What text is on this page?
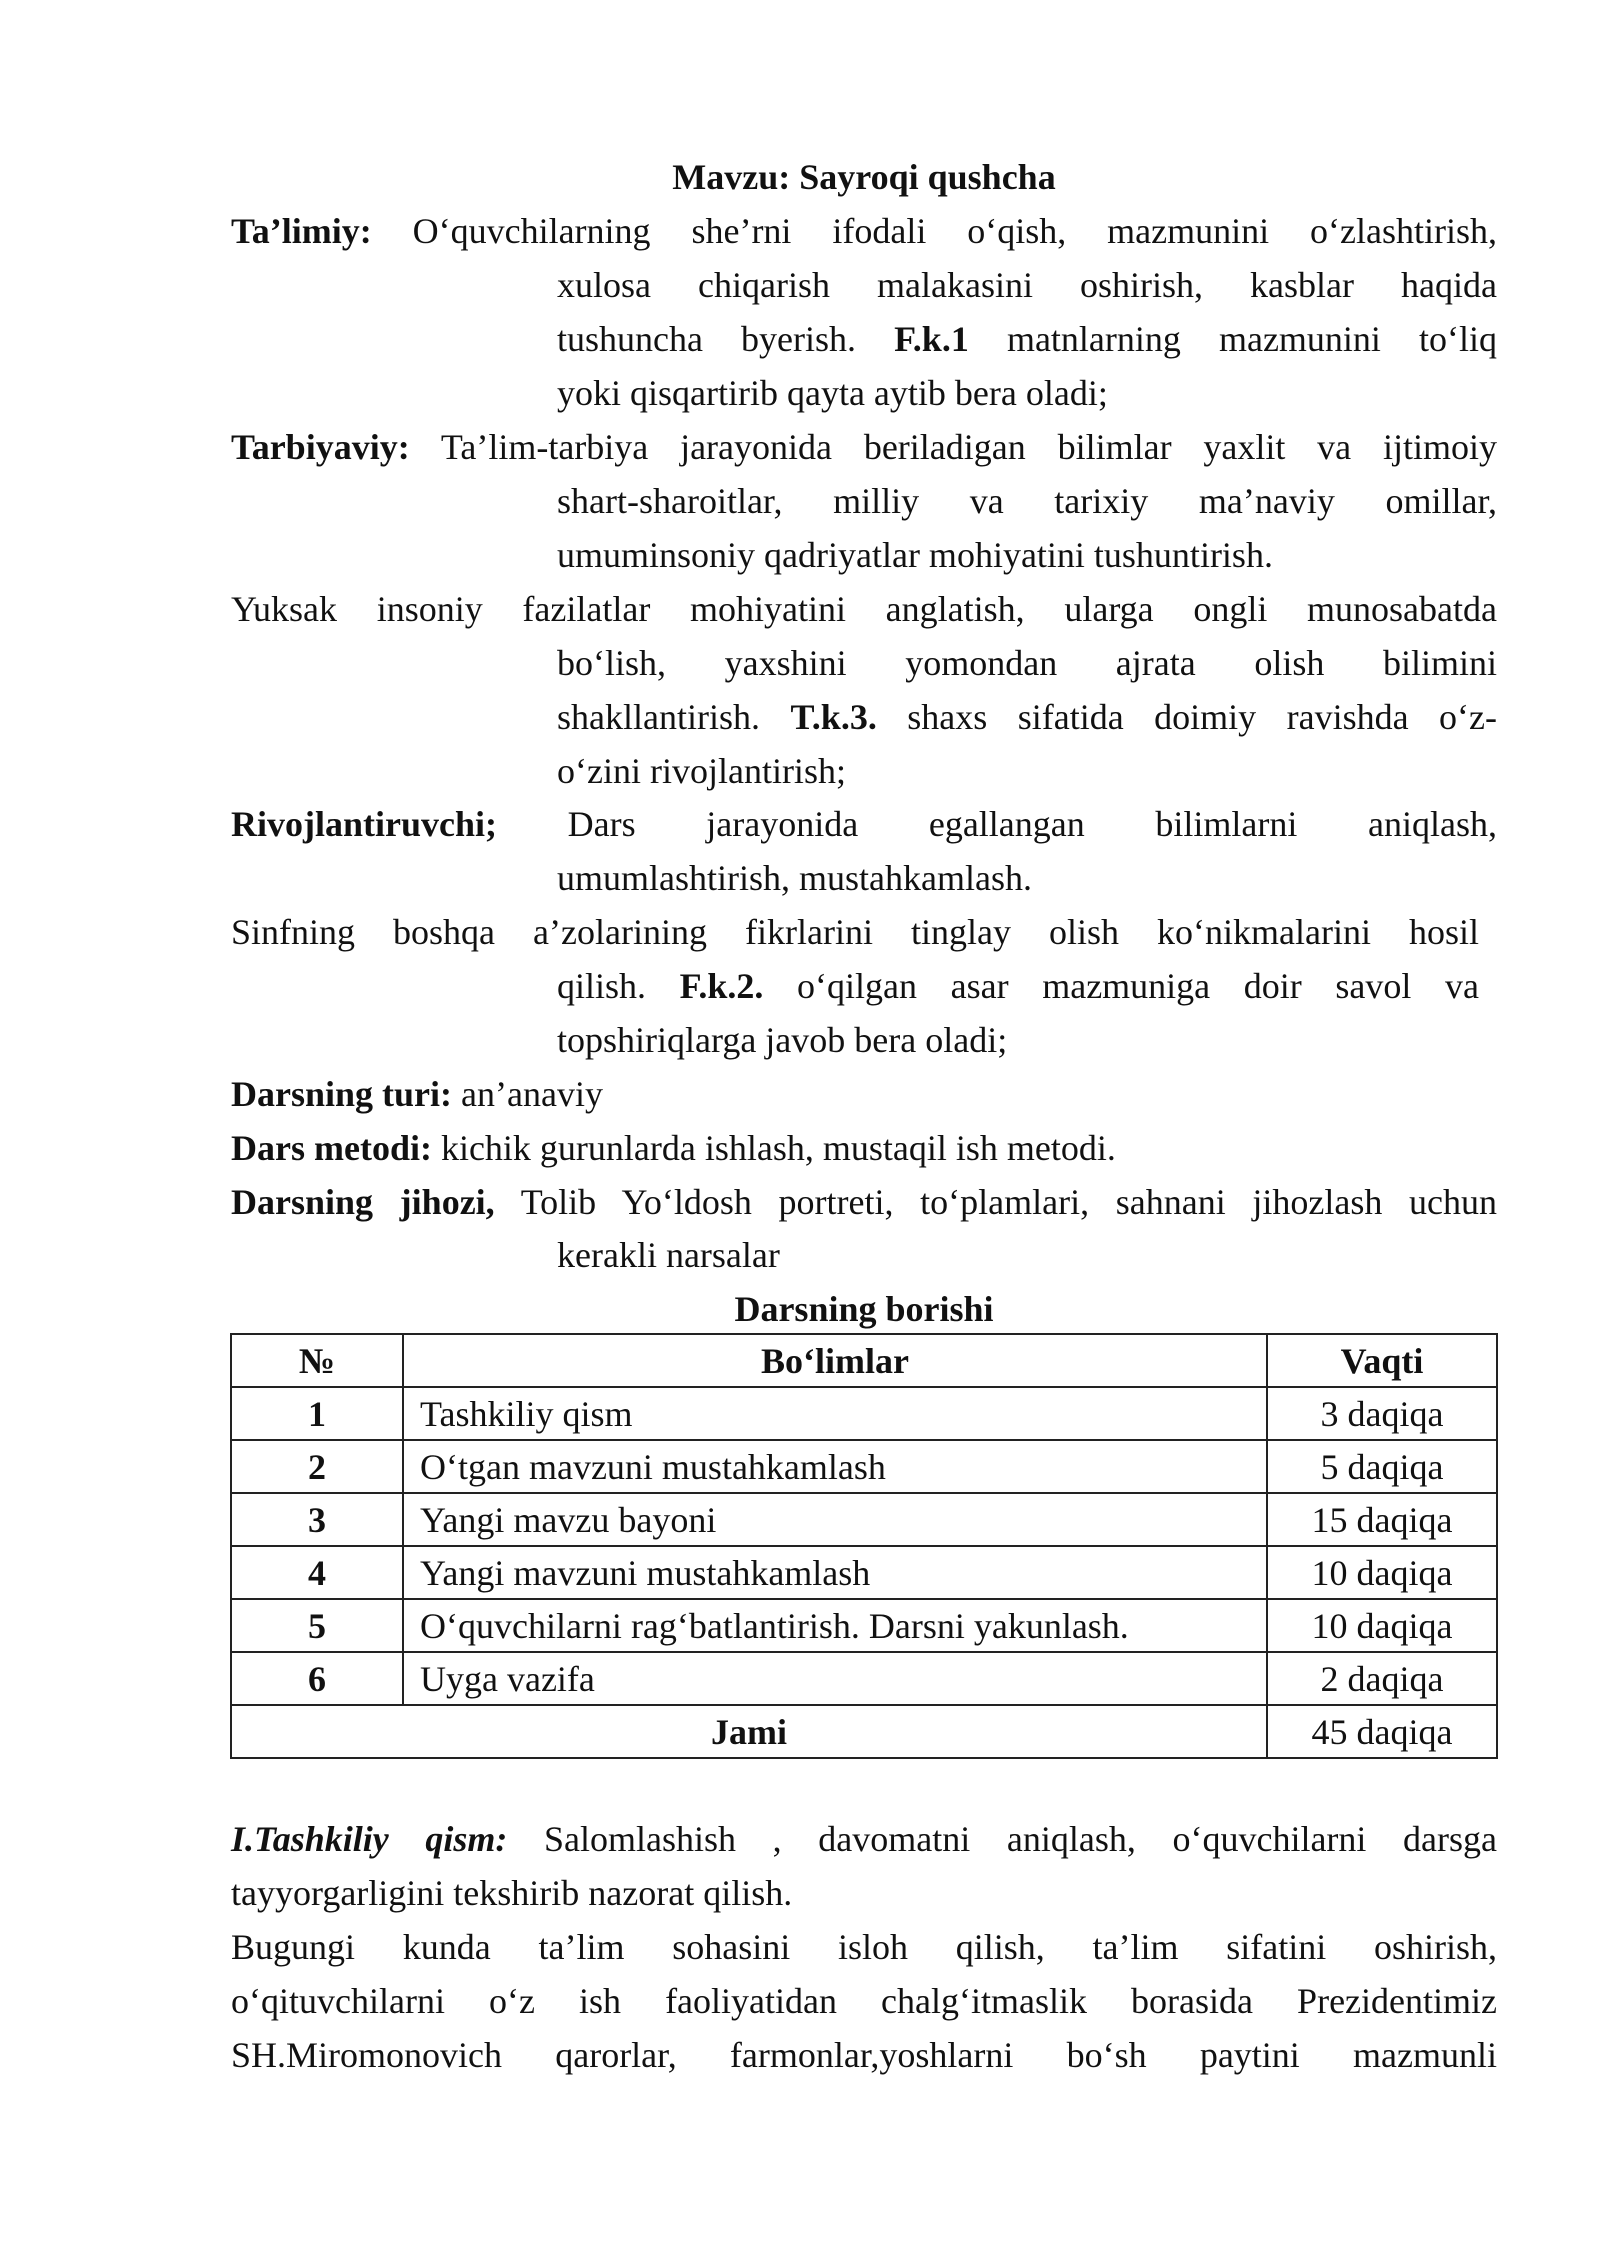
Mavzu: Sayroqi qushcha
Ta’limiy: O‘quvchilarning she’rni ifodali o‘qish, mazmunini o‘zlashtirish,
xulosa chiqarish malakasini oshirish, kasblar haqida
tushuncha byerish. F.k.1 matnlarning mazmunini to‘liq
yoki qisqartirib qayta aytib bera oladi;
Tarbiyaviy: Ta’lim-tarbiya jarayonida beriladigan bilimlar yaxlit va ijtimoiy
shart-sharoitlar, milliy va tarixiy ma’naviy omillar,
umuminsoniy qadriyatlar mohiyatini tushuntirish.
Yuksak insoniy fazilatlar mohiyatini anglatish, ularga ongli munosabatda
bo‘lish, yaxshini yomondan ajrata olish bilimini
shakllantirish. T.k.3. shaxs sifatida doimiy ravishda o‘z-
o‘zini rivojlantirish;
Rivojlantiruvchi; Dars jarayonida egallangan bilimlarni aniqlash,
umumlashtirish, mustahkamlash.
Sinfning boshqa a’zolarining fikrlarini tinglay olish ko‘nikmalarini hosil
qilish. F.k.2. o‘qilgan asar mazmuniga doir savol va
topshiriqlarga javob bera oladi;
Darsning turi: an’anaviy
Dars metodi: kichik gurunlarda ishlash, mustaqil ish metodi.
Darsning jihozi, Tolib Yo‘ldosh portreti, to‘plamlari, sahnani jihozlash uchun
kerakli narsalar
Darsning borishi
№	Bo‘limlar	Vaqti
1	Tashkiliy qism	3 daqiqa
2	O‘tgan mavzuni mustahkamlash	5 daqiqa
3	Yangi mavzu bayoni	15 daqiqa
4	Yangi mavzuni mustahkamlash	10 daqiqa
5	O‘quvchilarni rag‘batlantirish. Darsni yakunlash.	10 daqiqa
6	Uyga vazifa	2 daqiqa
Jami	45 daqiqa
I.Tashkiliy qism: Salomlashish , davomatni aniqlash, o‘quvchilarni darsga
tayyorgarligini tekshirib nazorat qilish.
Bugungi kunda ta’lim sohasini isloh qilish, ta’lim sifatini oshirish,
o‘qituvchilarni o‘z ish faoliyatidan chalg‘itmaslik borasida Prezidentimiz
SH.Miromonovich qarorlar, farmonlar,yoshlarni bo‘sh paytini mazmunli
